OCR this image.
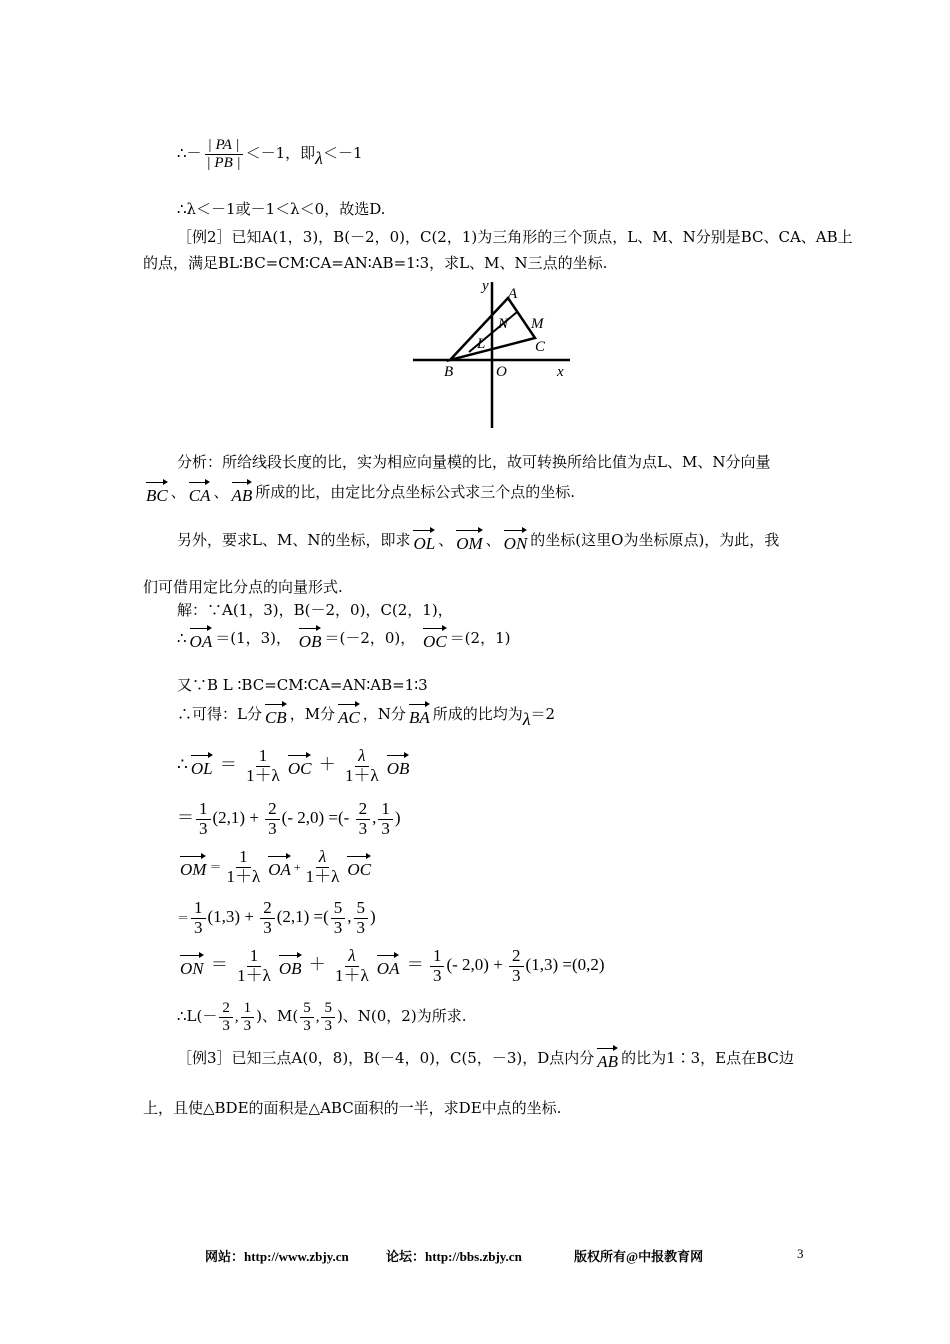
∴－ $\frac{| PA |}{| PB |} <-1$，即λ＜－1
∴λ＜－1或－1＜λ＜0，故选D.
［例2］已知A(1，3)，B(－2，0)，C(2，1)为三角形的三个顶点，L、M、N分别是BC、CA、AB上
的点，满足BL∶BC=CM∶CA=AN∶AB=1∶3，求L、M、N三点的坐标.
y A
N M
L	C
B	O	x
分析：所给线段长度的比，实为相应向量模的比，故可转换所给比值为点L、M、N分向量
BC 、 CA 、 AB 所成的比，由定比分点坐标公式求三个点的坐标.
另外，要求L、M、N的坐标，即求 OL 、 OM 、 ON 的坐标(这里O为坐标原点)，为此，我
们可借用定比分点的向量形式.
解：∵A(1，3)，B(－2，0)，C(2，1)，
∴ OA ＝(1，3)， OB ＝(－2，0)， OC ＝(2，1)
又∵B L ∶BC=CM∶CA=AN∶AB=1∶3
∴可得：L分 CB ，M分 AC ，N分 BA 所成的比均为λ＝2
∴ OL ＝ $\frac{1}{1+\lambda}$ OC ＋ $\frac{\lambda}{1+\lambda}$ OB
＝ $\frac{1}{3} (2,1) + \frac{2}{3}$ (- 2,0) =(- $\frac{2}{3}$ , $\frac{1}{3}$ )
OM ＝ $\frac{1}{1+\lambda}$ OA + $\frac{\lambda}{1+\lambda}$ OC
＝ $\frac{1}{3} (1,3) + \frac{2}{3} (2,1)$ =( $\frac{5}{3}$ , $\frac{5}{3}$ )
ON ＝ $\frac{1}{1+\lambda}$ OB ＋ $\frac{\lambda}{1+\lambda}$ OA ＝ $\frac{1}{3}$ (- $2,0) + \frac{2}{3} (1,3) =(0,2)$
∴L(－ $\frac{2}{3}$ , $\frac{1}{3}$ )、$M( \frac{5}{3}$ , $\frac{5}{3}$ )、N(0，2)为所求.
［例3］已知三点A(0，8)，B(－4，0)，C(5，－3)，D点内分 AB 的比为1∶3，E点在BC边
上，且使△BDE的面积是△ABC面积的一半，求DE中点的坐标.
网站：http://www.zbjy.cn	论坛：http://bbs.zbjy.cn	版权所有@中报教育网	3
